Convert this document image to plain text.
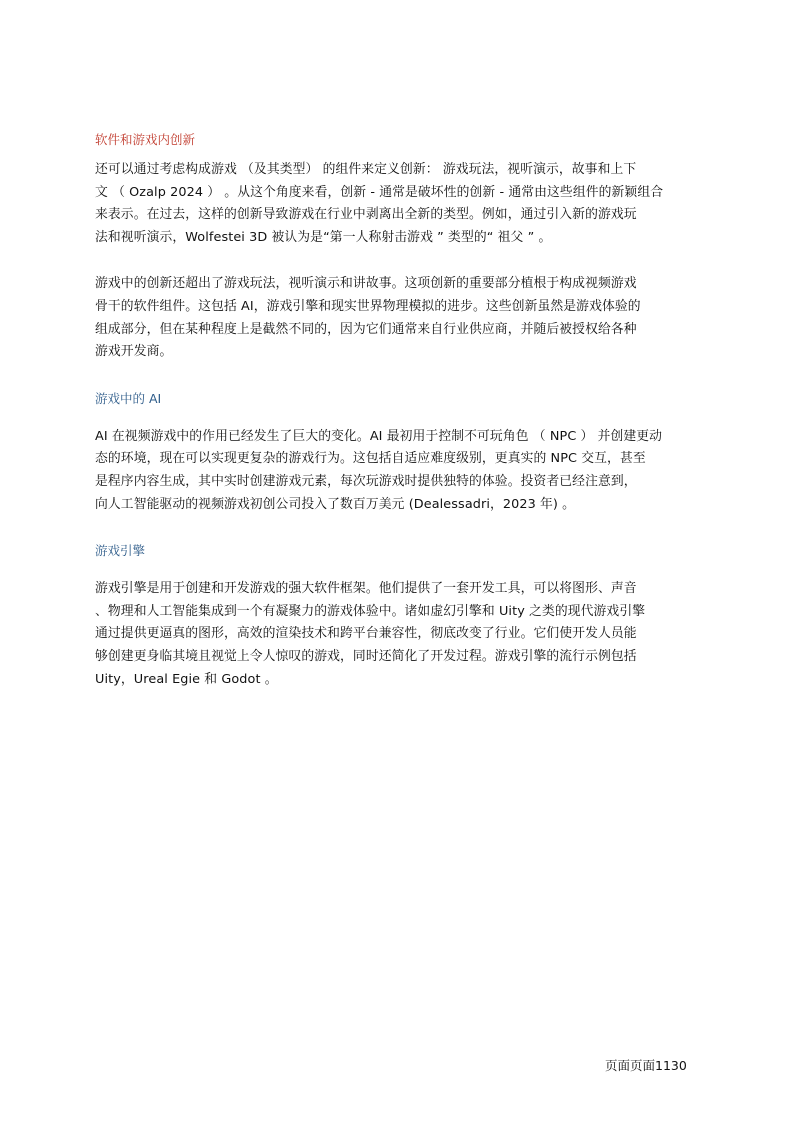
软件和游戏内创新
还可以通过考虑构成游戏 （及其类型） 的组件来定义创新： 游戏玩法，视听演示，故事和上下
文 （ Ozalp 2024 ） 。从这个角度来看，创新 - 通常是破坏性的创新 - 通常由这些组件的新颖组合
来表示。在过去，这样的创新导致游戏在行业中剥离出全新的类型。例如，通过引入新的游戏玩
法和视听演示，Wolfestei 3D 被认为是“第一人称射击游戏 ” 类型的“ 祖父 ” 。
游戏中的创新还超出了游戏玩法，视听演示和讲故事。这项创新的重要部分植根于构成视频游戏
骨干的软件组件。这包括 AI，游戏引擎和现实世界物理模拟的进步。这些创新虽然是游戏体验的
组成部分，但在某种程度上是截然不同的，因为它们通常来自行业供应商，并随后被授权给各种
游戏开发商。
游戏中的 AI
AI 在视频游戏中的作用已经发生了巨大的变化。AI 最初用于控制不可玩角色 （ NPC ） 并创建更动
态的环境，现在可以实现更复杂的游戏行为。这包括自适应难度级别，更真实的 NPC 交互，甚至
是程序内容生成，其中实时创建游戏元素，每次玩游戏时提供独特的体验。投资者已经注意到，
向人工智能驱动的视频游戏初创公司投入了数百万美元 (Dealessadri，2023 年) 。
游戏引擎
游戏引擎是用于创建和开发游戏的强大软件框架。他们提供了一套开发工具，可以将图形、声音
、物理和人工智能集成到一个有凝聚力的游戏体验中。诸如虚幻引擎和 Uity 之类的现代游戏引擎
通过提供更逼真的图形，高效的渲染技术和跨平台兼容性，彻底改变了行业。它们使开发人员能
够创建更身临其境且视觉上令人惊叹的游戏，同时还简化了开发过程。游戏引擎的流行示例包括
Uity，Ureal Egie 和 Godot 。
页面页面1130
